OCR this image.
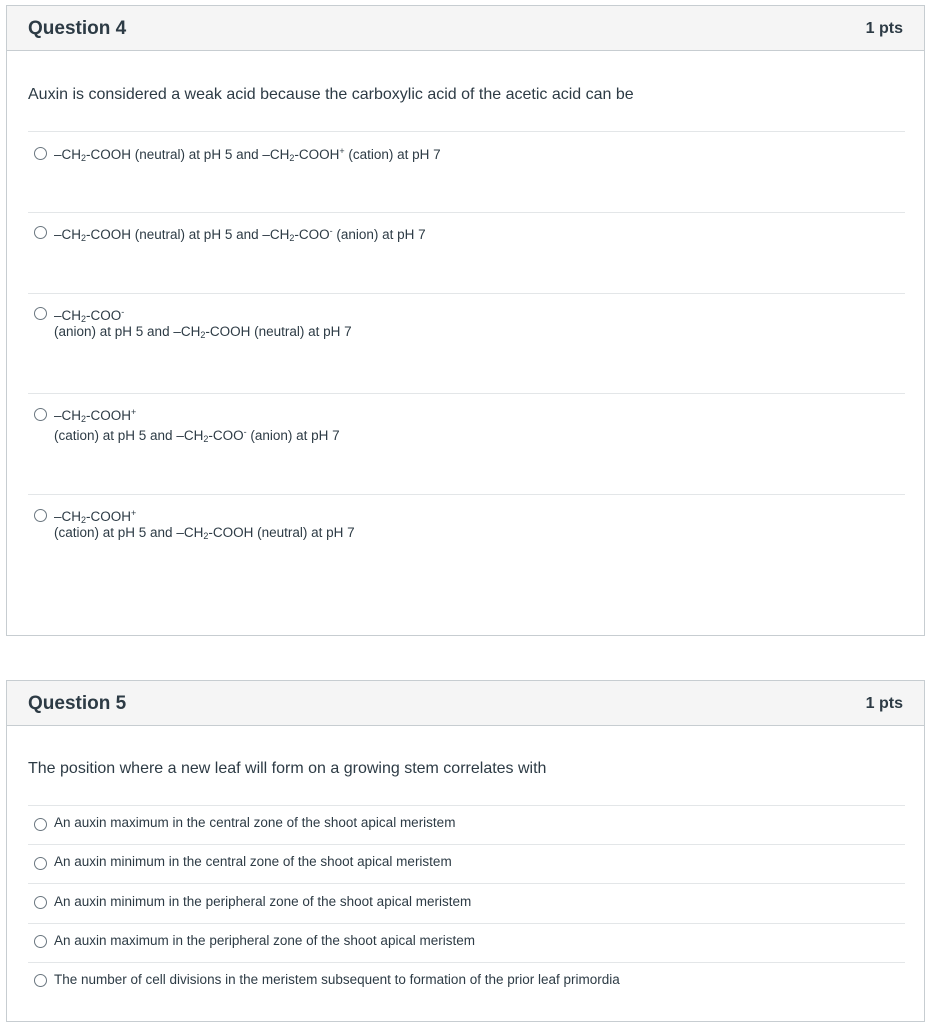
Question 4	1 pts
Auxin is considered a weak acid because the carboxylic acid of the acetic acid can be
$-CH_2$-COOH (neutral) at pH 5 and $-CH_2-COOH^+$ (cation) at pH 7
$-CH_2$-COOH (neutral) at pH 5 and $-CH_2-COO^-$ (anion) at pH 7
$-CH_2-COO^-$
(anion) at pH 5 and $-CH_2$-COOH (neutral) at pH 7
$-CH_2-COOH^+$
(cation) at pH 5 and $-CH_2-COO^-$ (anion) at pH 7
$-CH_2-COOH^+$
(cation) at pH 5 and $-CH_2$-COOH (neutral) at pH 7
Question 5	1 pts
The position where a new leaf will form on a growing stem correlates with
An auxin maximum in the central zone of the shoot apical meristem
An auxin minimum in the central zone of the shoot apical meristem
An auxin minimum in the peripheral zone of the shoot apical meristem
An auxin maximum in the peripheral zone of the shoot apical meristem
The number of cell divisions in the meristem subsequent to formation of the prior leaf primordia
